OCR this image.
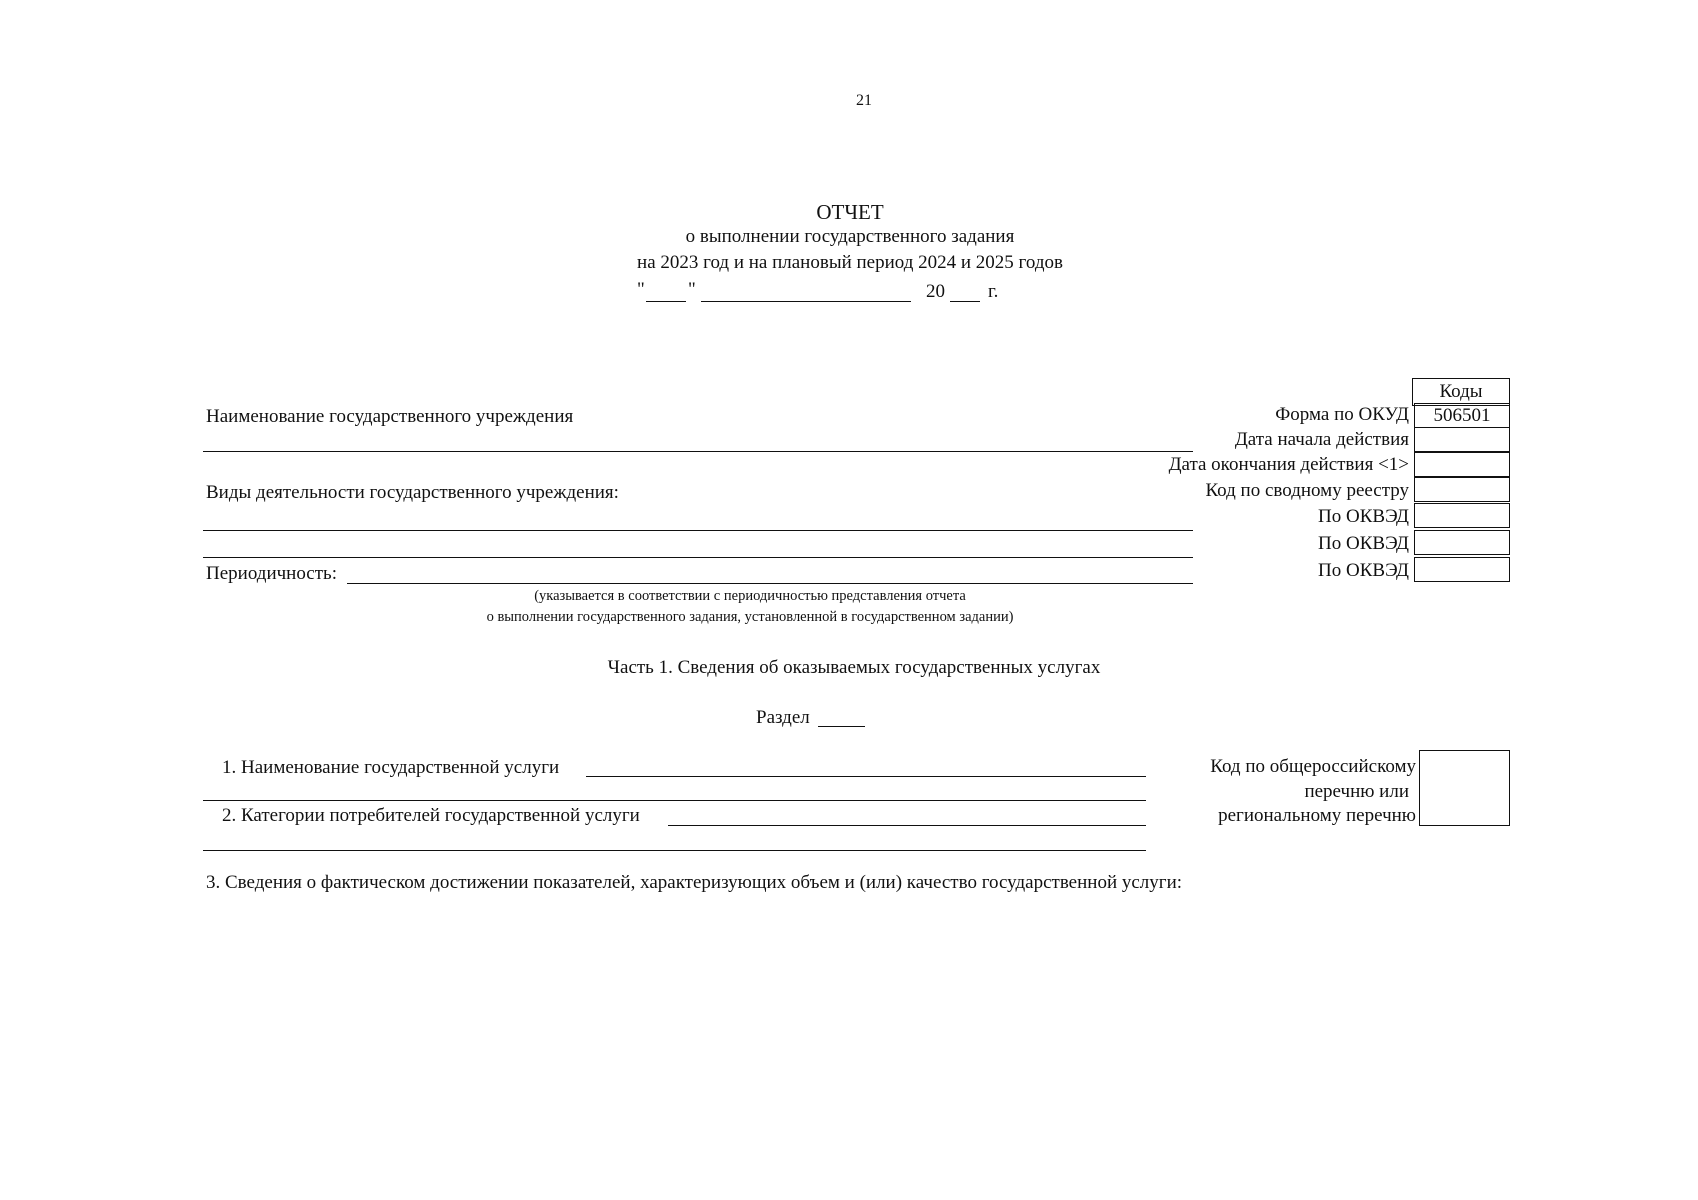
21
ОТЧЕТ
о выполнении государственного задания
на 2023 год и на плановый период 2024 и 2025 годов
" "	20 г.
Коды
506501
Форма по ОКУД
Дата начала действия
Дата окончания действия <1>
Код по сводному реестру
По ОКВЭД
По ОКВЭД
По ОКВЭД
Наименование государственного учреждения
Виды деятельности государственного учреждения:
Периодичность:
(указывается в соответствии с периодичностью представления отчета
о выполнении государственного задания, установленной в государственном задании)
Часть 1. Сведения об оказываемых государственных услугах
Раздел
1. Наименование государственной услуги
2. Категории потребителей государственной услуги
Код по общероссийскому
перечню или
региональному перечню
3. Сведения о фактическом достижении показателей, характеризующих объем и (или) качество государственной услуги:
